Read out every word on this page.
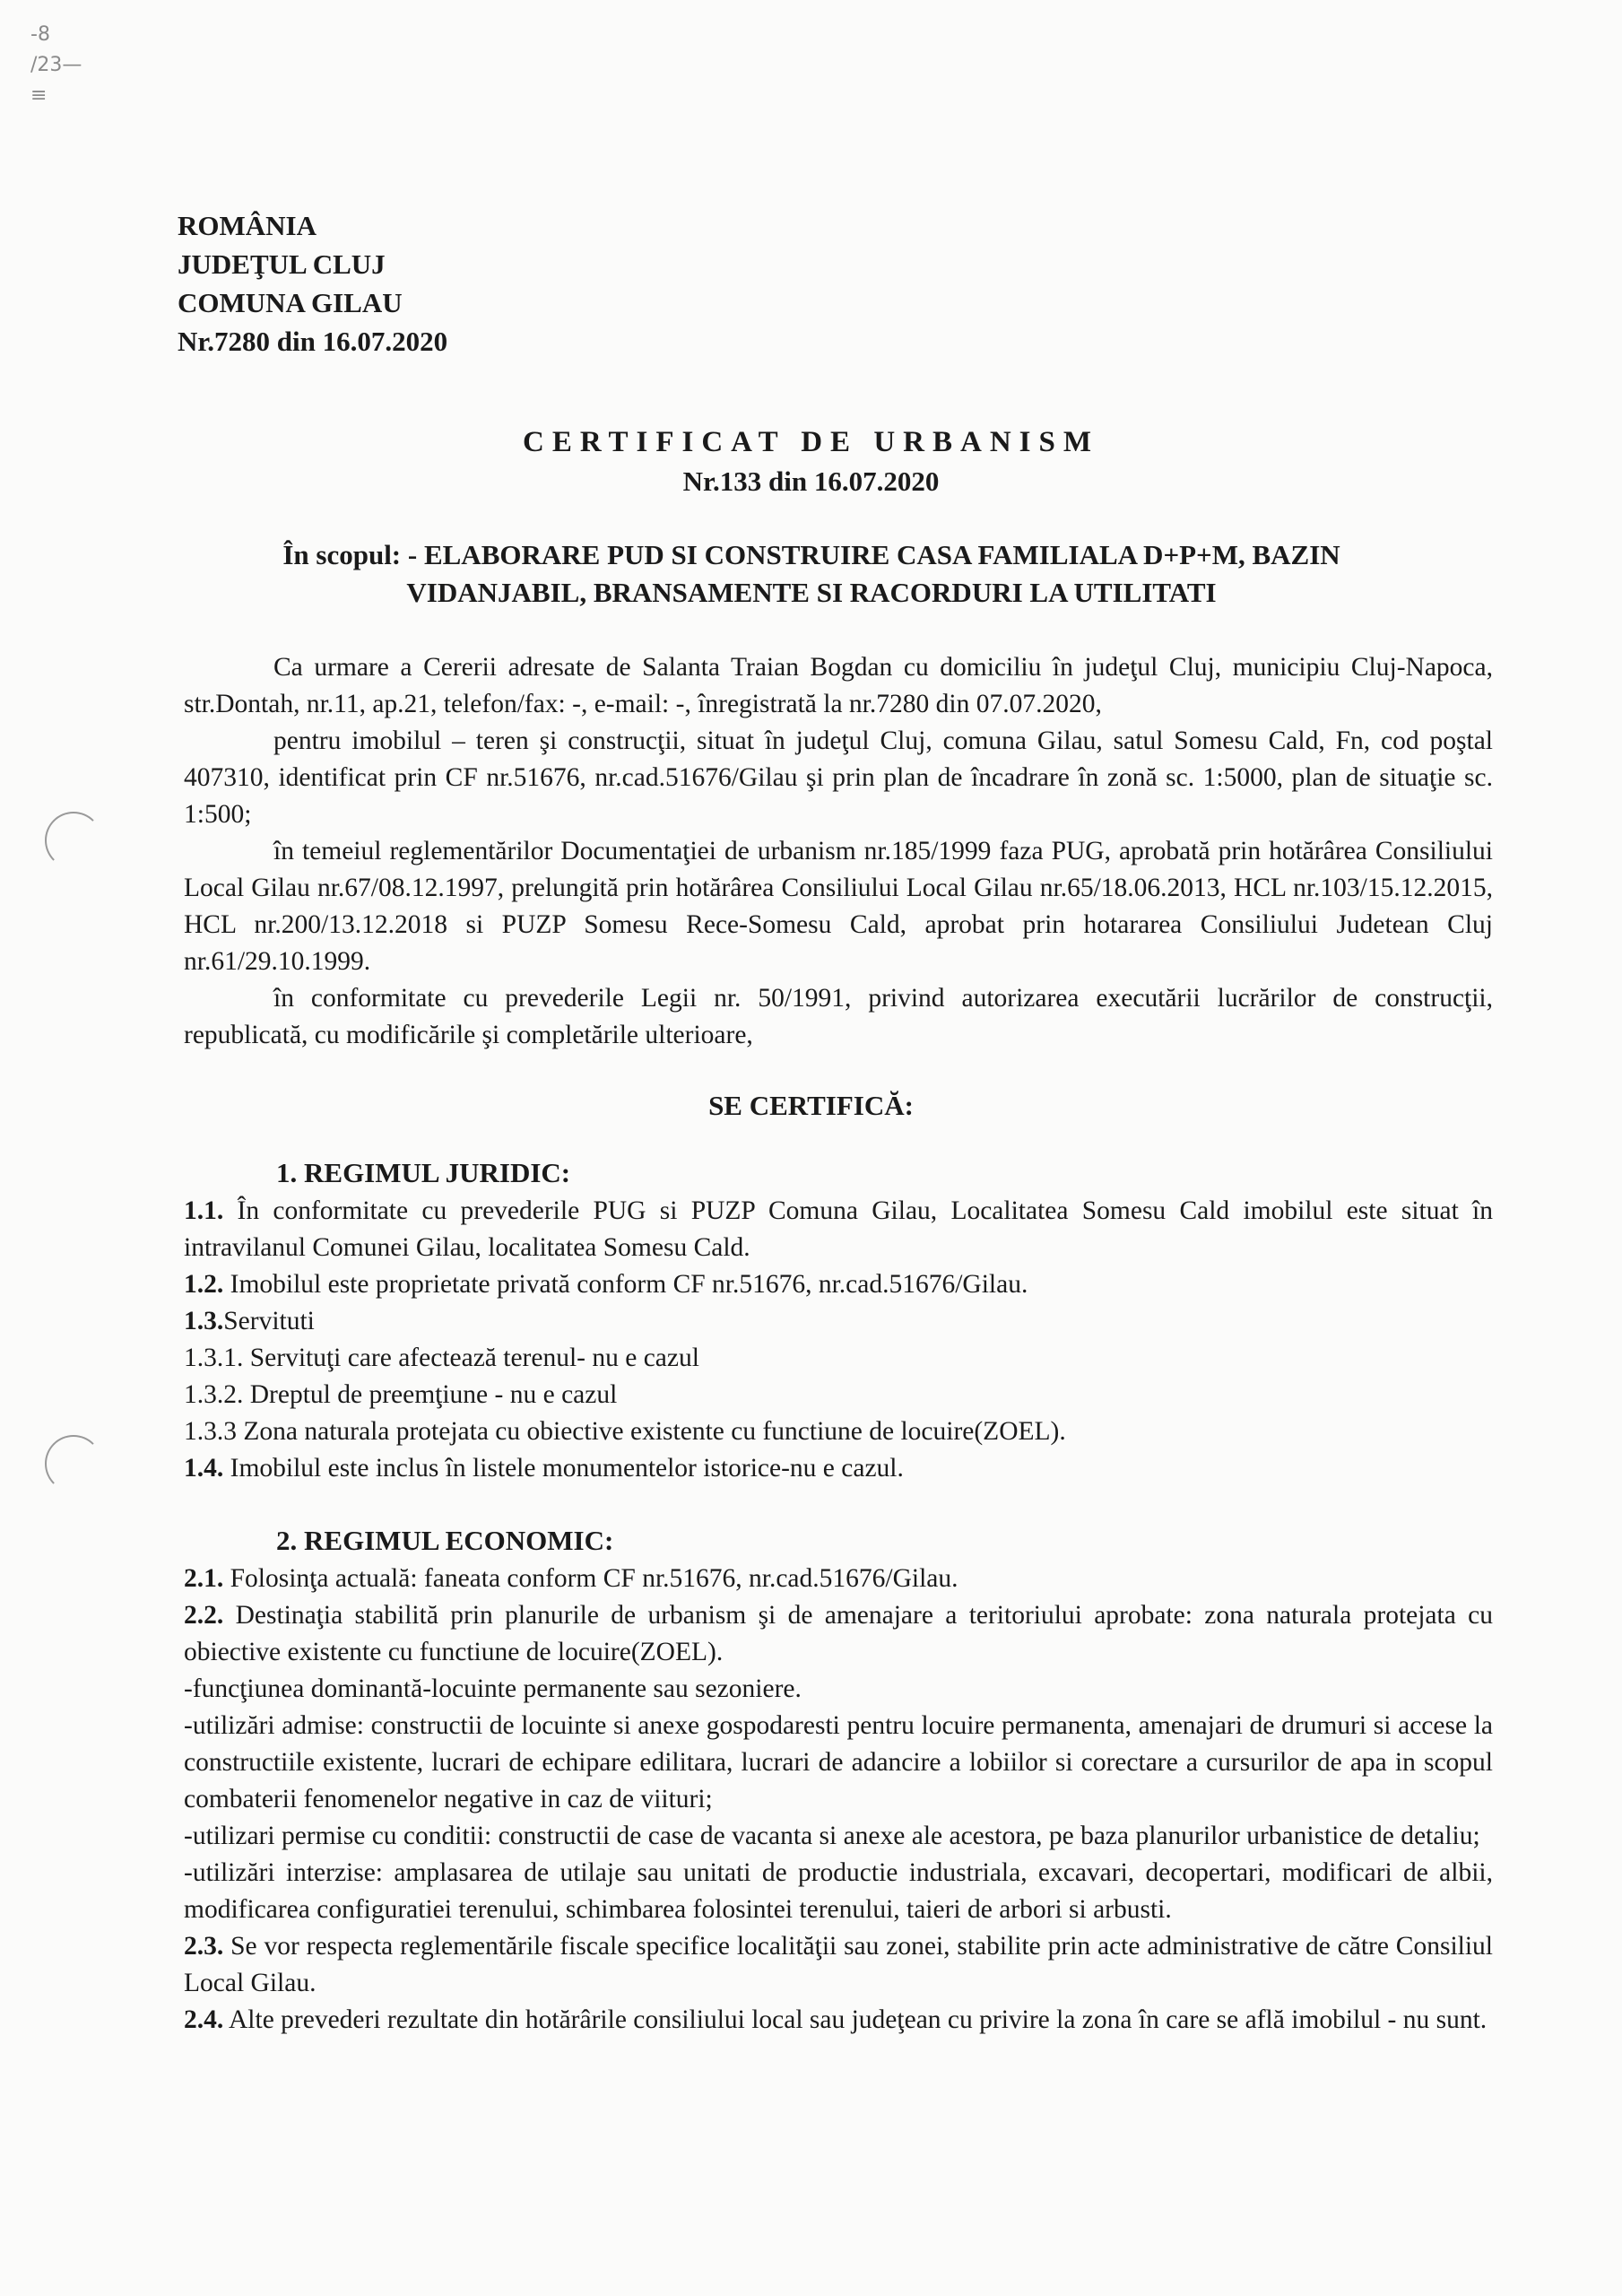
-8
/23—
≡
ROMÂNIA
JUDEŢUL CLUJ
COMUNA GILAU
Nr.7280 din 16.07.2020
CERTIFICAT DE URBANISM
Nr.133 din 16.07.2020
În scopul: - ELABORARE PUD SI CONSTRUIRE CASA FAMILIALA D+P+M, BAZIN
VIDANJABIL, BRANSAMENTE SI RACORDURI LA UTILITATI

Ca urmare a Cererii adresate de Salanta Traian Bogdan cu domiciliu în judeţul Cluj, municipiu Cluj-Napoca, str.Dontah, nr.11, ap.21, telefon/fax: -, e-mail: -, înregistrată la nr.7280 din 07.07.2020,

pentru imobilul – teren şi construcţii, situat în judeţul Cluj, comuna Gilau, satul Somesu Cald, Fn, cod poştal 407310, identificat prin CF nr.51676, nr.cad.51676/Gilau şi prin plan de încadrare în zonă sc. 1:5000, plan de situaţie sc. 1:500;

în temeiul reglementărilor Documentaţiei de urbanism nr.185/1999 faza PUG, aprobată prin hotărârea Consiliului Local Gilau nr.67/08.12.1997, prelungită prin hotărârea Consiliului Local Gilau nr.65/18.06.2013, HCL nr.103/15.12.2015, HCL nr.200/13.12.2018 si PUZP Somesu Rece-Somesu Cald, aprobat prin hotararea Consiliului Judetean Cluj nr.61/29.10.1999.

în conformitate cu prevederile Legii nr. 50/1991, privind autorizarea executării lucrărilor de construcţii, republicată, cu modificările şi completările ulterioare,

SE CERTIFICĂ:
1. REGIMUL JURIDIC:

1.1. În conformitate cu prevederile PUG si PUZP Comuna Gilau, Localitatea Somesu Cald imobilul este situat în intravilanul Comunei Gilau, localitatea Somesu Cald.

1.2. Imobilul este proprietate privată conform CF nr.51676, nr.cad.51676/Gilau.

1.3.Servituti

1.3.1. Servituţi care afectează terenul- nu e cazul

1.3.2. Dreptul de preemţiune - nu e cazul

1.3.3 Zona naturala protejata cu obiective existente cu functiune de locuire(ZOEL).

1.4. Imobilul este inclus în listele monumentelor istorice-nu e cazul.

2. REGIMUL ECONOMIC:

2.1. Folosinţa actuală: faneata conform CF nr.51676, nr.cad.51676/Gilau.

2.2. Destinaţia stabilită prin planurile de urbanism şi de amenajare a teritoriului aprobate: zona naturala protejata cu obiective existente cu functiune de locuire(ZOEL).

-funcţiunea dominantă-locuinte permanente sau sezoniere.

-utilizări admise: constructii de locuinte si anexe gospodaresti pentru locuire permanenta, amenajari de drumuri si accese la constructiile existente, lucrari de echipare edilitara, lucrari de adancire a lobiilor si corectare a cursurilor de apa in scopul combaterii fenomenelor negative in caz de viituri;

-utilizari permise cu conditii: constructii de case de vacanta si anexe ale acestora, pe baza planurilor urbanistice de detaliu;

-utilizări interzise: amplasarea de utilaje sau unitati de productie industriala, excavari, decopertari, modificari de albii, modificarea configuratiei terenului, schimbarea folosintei terenului, taieri de arbori si arbusti.

2.3. Se vor respecta reglementările fiscale specifice localităţii sau zonei, stabilite prin acte administrative de către Consiliul Local Gilau.

2.4. Alte prevederi rezultate din hotărârile consiliului local sau judeţean cu privire la zona în care se află imobilul - nu sunt.
